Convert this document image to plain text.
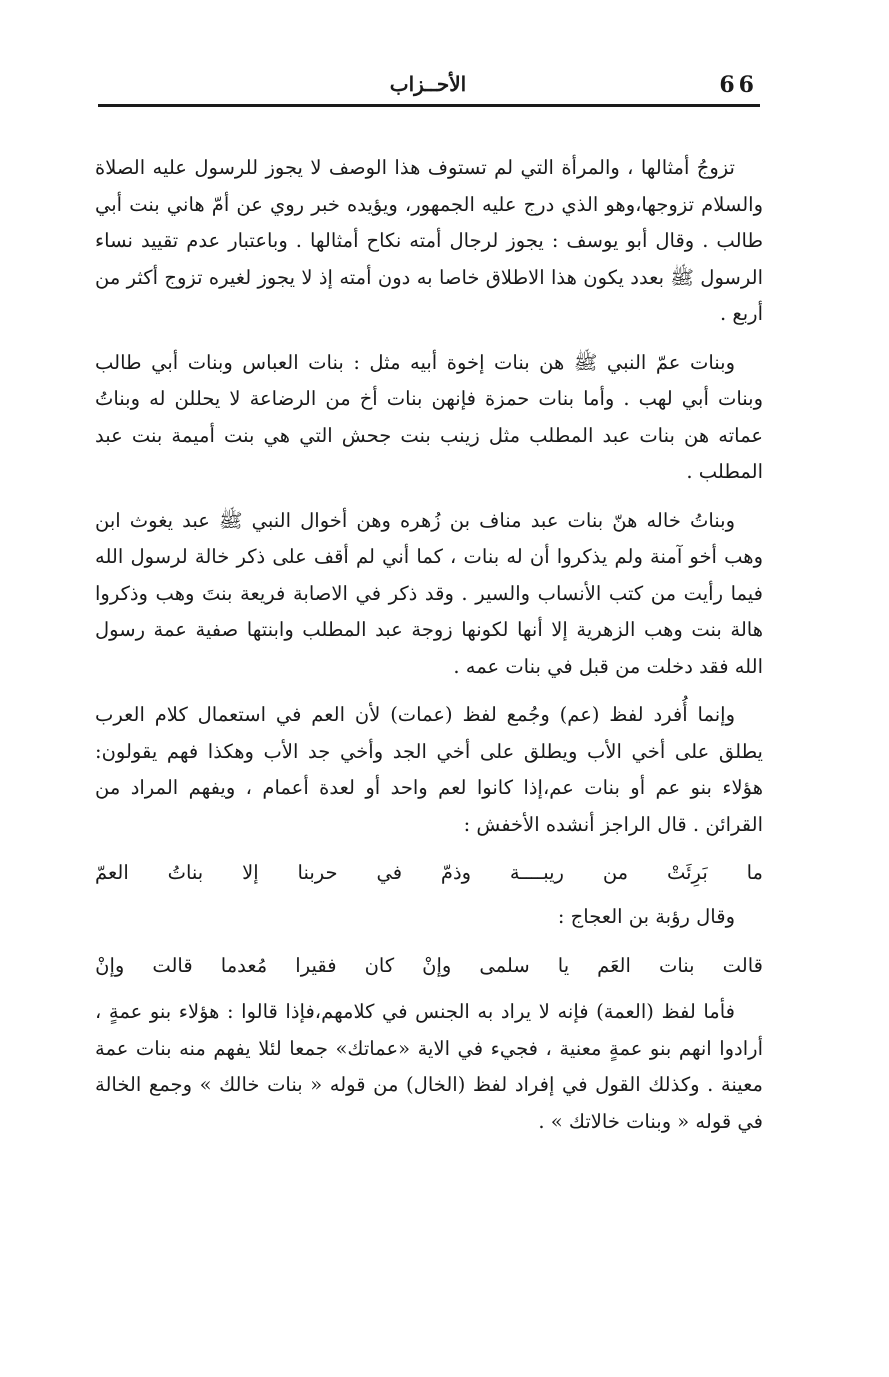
66
الأحــزاب

تزوجُ أمثالها ، والمرأة التي لم تستوف هذا الوصف لا يجوز للرسول عليه الصلاة والسلام تزوجها،وهو الذي درج عليه الجمهور، ويؤيده خبر روي عن أمّ هاني بنت أبي طالب . وقال أبو يوسف : يجوز لرجال أمته نكاح أمثالها . وباعتبار عدم تقييد نساء الرسول ﷺ بعدد يكون هذا الاطلاق خاصا به دون أمته إذ لا يجوز لغيره تزوج أكثر من أربع .

وبنات عمّ النبي ﷺ هن بنات إخوة أبيه مثل : بنات العباس وبنات أبي طالب وبنات أبي لهب . وأما بنات حمزة فإنهن بنات أخ من الرضاعة لا يحللن له وبناتُ عماته هن بنات عبد المطلب مثل زينب بنت جحش التي هي بنت أميمة بنت عبد المطلب .

وبناتُ خاله هنّ بنات عبد مناف بن زُهره وهن أخوال النبي ﷺ عبد يغوث ابن وهب أخو آمنة ولم يذكروا أن له بنات ، كما أني لم أقف على ذكر خالة لرسول الله فيما رأيت من كتب الأنساب والسير . وقد ذكر في الاصابة فريعة بنتَ وهب وذكروا هالة بنت وهب الزهرية إلا أنها لكونها زوجة عبد المطلب وابنتها صفية عمة رسول الله فقد دخلت من قبل في بنات عمه .

وإنما أُفرد لفظ (عم) وجُمع لفظ (عمات) لأن العم في استعمال كلام العرب يطلق على أخي الأب ويطلق على أخي الجد وأخي جد الأب وهكذا فهم يقولون: هؤلاء بنو عم أو بنات عم،إذا كانوا لعم واحد أو لعدة أعمام ، ويفهم المراد من القرائن . قال الراجز أنشده الأخفش :

ما
بَرِئَتْ
من
ريبــــة
وذمّ
في
حربنا
إلا
بناتُ
العمّ

وقال رؤبة بن العجاج :

قالت
بنات
العَم
يا
سلمى
وإنْ
كان
فقيرا
مُعدما
قالت
وإنْ

فأما لفظ (العمة) فإنه لا يراد به الجنس في كلامهم،فإذا قالوا : هؤلاء بنو عمةٍ ، أرادوا انهم بنو عمةٍ معنية ، فجيء في الاية «عماتك» جمعا لئلا يفهم منه بنات عمة معينة . وكذلك القول في إفراد لفظ (الخال) من قوله « بنات خالك » وجمع الخالة في قوله « وبنات خالاتك » .
